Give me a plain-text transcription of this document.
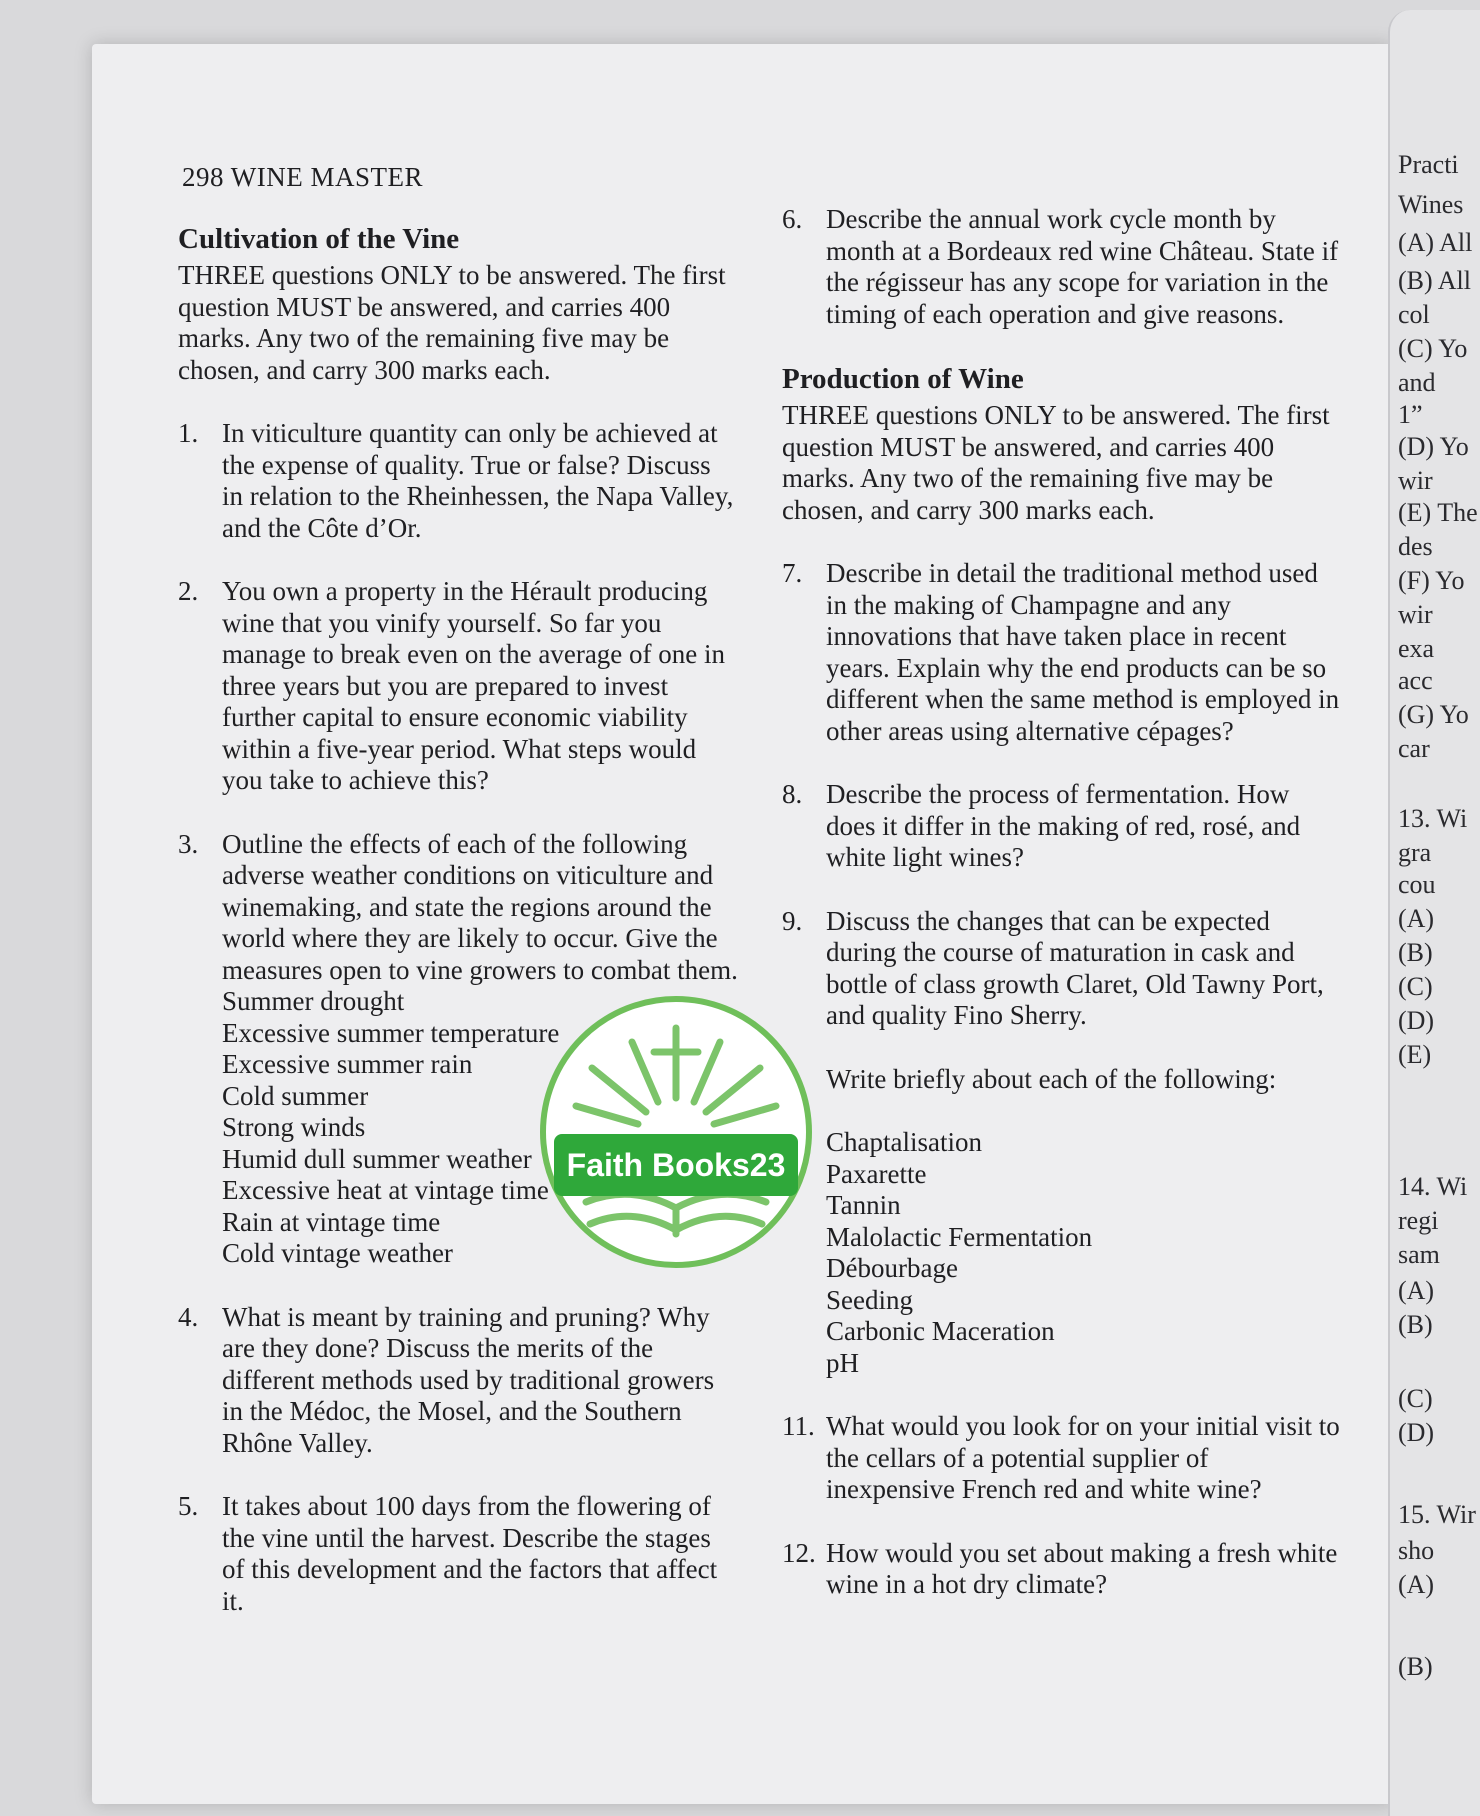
Practi
Wines
(A) All
(B) All
col
(C) Yo
and
1”
(D) Yo
wir
(E) The
des
(F) Yo
wir
exa
acc
(G) Yo
car
13. Wi
gra
cou
(A)
(B)
(C)
(D)
(E)
14. Wi
regi
sam
(A)
(B)
(C)
(D)
15. Wir
sho
(A)
(B)
298 WINE MASTER
Cultivation of the Vine

THREE questions ONLY to be answered. The first question MUST be answered, and carries 400 marks. Any two of the remaining five may be chosen, and carry 300 marks each.

1. In viticulture quantity can only be achieved at the expense of quality. True or false? Discuss in relation to the Rheinhessen, the Napa Valley, and the Côte d’Or.
2. You own a property in the Hérault producing wine that you vinify yourself. So far you manage to break even on the average of one in three years but you are prepared to invest further capital to ensure economic viability within a five-year period. What steps would you take to achieve this?
3. Outline the effects of each of the following adverse weather conditions on viticulture and winemaking, and state the regions around the world where they are likely to occur. Give the measures open to vine growers to combat them.
Summer drought
Excessive summer temperature
Excessive summer rain
Cold summer
Strong winds
Humid dull summer weather
Excessive heat at vintage time
Rain at vintage time
Cold vintage weather
4. What is meant by training and pruning? Why are they done? Discuss the merits of the different methods used by traditional growers in the Médoc, the Mosel, and the Southern Rhône Valley.
5. It takes about 100 days from the flowering of the vine until the harvest. Describe the stages of this development and the factors that affect it.
6. Describe the annual work cycle month by month at a Bordeaux red wine Château. State if the régisseur has any scope for variation in the timing of each operation and give reasons.
Production of Wine

THREE questions ONLY to be answered. The first question MUST be answered, and carries 400 marks. Any two of the remaining five may be chosen, and carry 300 marks each.

7. Describe in detail the traditional method used in the making of Champagne and any innovations that have taken place in recent years. Explain why the end products can be so different when the same method is employed in other areas using alternative cépages?
8. Describe the process of fermentation. How does it differ in the making of red, rosé, and white light wines?
9. Discuss the changes that can be expected during the course of maturation in cask and bottle of class growth Claret, Old Tawny Port, and quality Fino Sherry.
Write briefly about each of the following:
Chaptalisation
Paxarette
Tannin
Malolactic Fermentation
Débourbage
Seeding
Carbonic Maceration
pH
11. What would you look for on your initial visit to the cellars of a potential supplier of inexpensive French red and white wine?
12. How would you set about making a fresh white wine in a hot dry climate?
Faith Books23
